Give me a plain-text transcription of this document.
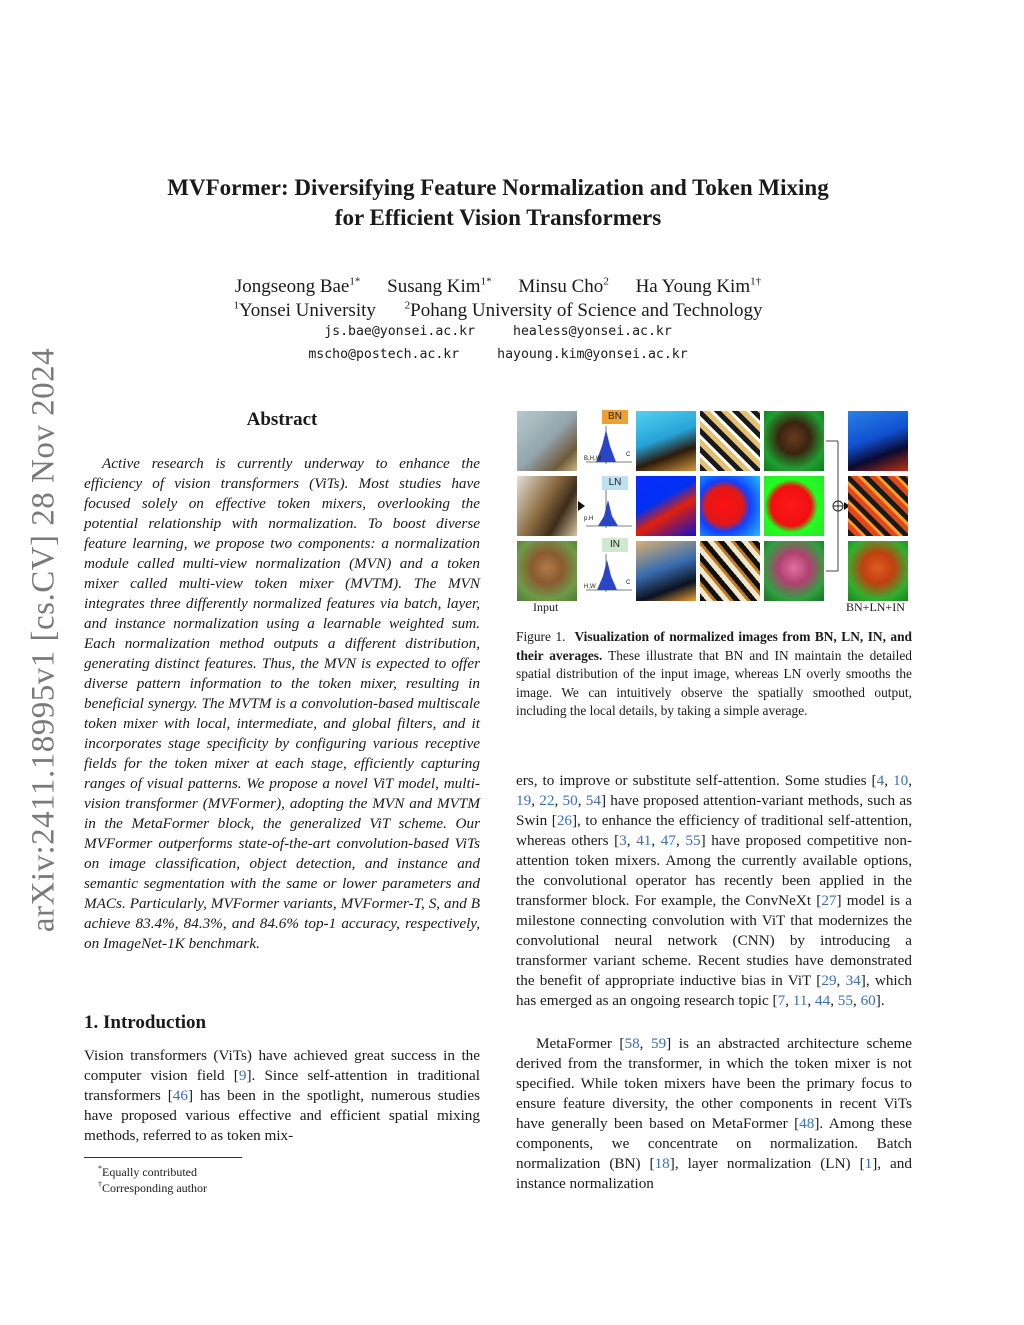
arXiv:2411.18995v1 [cs.CV] 28 Nov 2024
MVFormer: Diversifying Feature Normalization and Token Mixing
for Efficient Vision Transformers
Jongseong Bae$^{1*}$ Susang Kim$^{1*}$ Minsu Cho$^2$ Ha Young Kim$^{1\dagger}$
$^1$Yonsei University	$^2$Pohang University of Science and Technology
js.bae@yonsei.ac.kr	healess@yonsei.ac.kr
mscho@postech.ac.kr	hayoung.kim@yonsei.ac.kr
Abstract
Active research is currently underway to enhance the efficiency of vision transformers (ViTs). Most studies have focused solely on effective token mixers, overlooking the potential relationship with normalization. To boost diverse feature learning, we propose two components: a normalization module called multi-view normalization (MVN) and a token mixer called multi-view token mixer (MVTM). The MVN integrates three differently normalized features via batch, layer, and instance normalization using a learnable weighted sum. Each normalization method outputs a different distribution, generating distinct features. Thus, the MVN is expected to offer diverse pattern information to the token mixer, resulting in beneficial synergy. The MVTM is a convolution-based multiscale token mixer with local, intermediate, and global filters, and it incorporates stage specificity by configuring various receptive fields for the token mixer at each stage, efficiently capturing ranges of visual patterns. We propose a novel ViT model, multi-vision transformer (MVFormer), adopting the MVN and MVTM in the MetaFormer block, the generalized ViT scheme. Our MVFormer outperforms state-of-the-art convolution-based ViTs on image classification, object detection, and instance and semantic segmentation with the same or lower parameters and MACs. Particularly, MVFormer variants, MVFormer-T, S, and B achieve 83.4%, 84.3%, and 84.6% top-1 accuracy, respectively, on ImageNet-1K benchmark.
1. Introduction
Vision transformers (ViTs) have achieved great success in the computer vision field [9]. Since self-attention in traditional transformers [46] has been in the spotlight, numerous studies have proposed various effective and efficient spatial mixing methods, referred to as token mix-
*Equally contributed
†Corresponding author
BN
B,H,W
C
LN
p.H
IN
H,W
C
Input	BN+LN+IN
Figure 1. Visualization of normalized images from BN, LN, IN, and their averages. These illustrate that BN and IN maintain the detailed spatial distribution of the input image, whereas LN overly smooths the image. We can intuitively observe the spatially smoothed output, including the local details, by taking a simple average.
ers, to improve or substitute self-attention. Some studies [4, 10, 19, 22, 50, 54] have proposed attention-variant methods, such as Swin [26], to enhance the efficiency of traditional self-attention, whereas others [3, 41, 47, 55] have proposed competitive non-attention token mixers. Among the currently available options, the convolutional operator has recently been applied in the transformer block. For example, the ConvNeXt [27] model is a milestone connecting convolution with ViT that modernizes the convolutional neural network (CNN) by introducing a transformer variant scheme. Recent studies have demonstrated the benefit of appropriate inductive bias in ViT [29, 34], which has emerged as an ongoing research topic [7, 11, 44, 55, 60].
MetaFormer [58, 59] is an abstracted architecture scheme derived from the transformer, in which the token mixer is not specified. While token mixers have been the primary focus to ensure feature diversity, the other components in recent ViTs have generally been based on MetaFormer [48]. Among these components, we concentrate on normalization. Batch normalization (BN) [18], layer normalization (LN) [1], and instance normalization
